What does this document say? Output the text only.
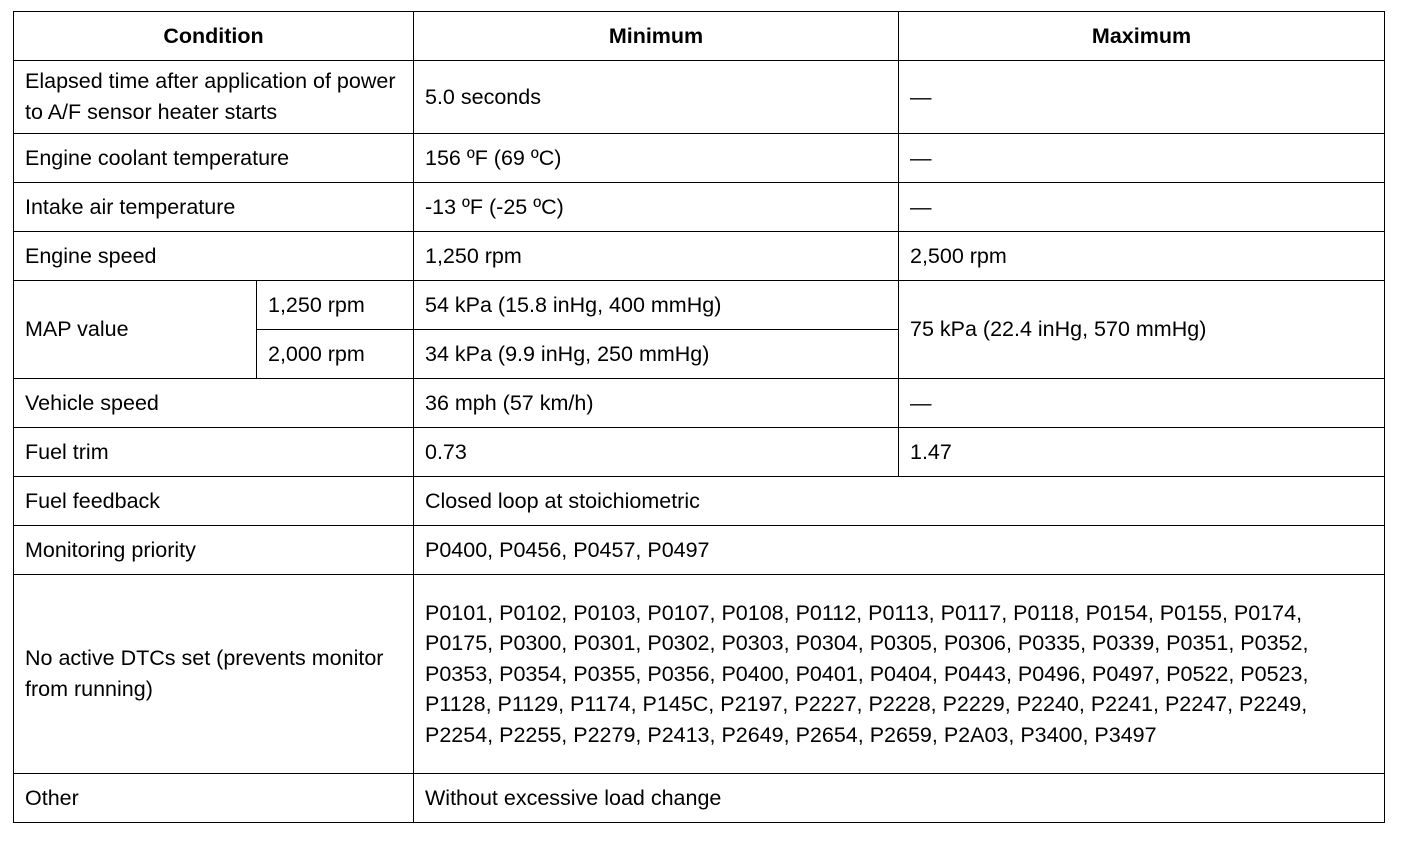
Condition		Minimum	Maximum
Elapsed time after application of power to A/F sensor heater starts		5.0 seconds	—
Engine coolant temperature		156 ºF (69 ºC)	—
Intake air temperature		-13 ºF (-25 ºC)	—
Engine speed		1,250 rpm	2,500 rpm
MAP value	1,250 rpm	54 kPa (15.8 inHg, 400 mmHg)	75 kPa (22.4 inHg, 570 mmHg)
	2,000 rpm	34 kPa (9.9 inHg, 250 mmHg)	
Vehicle speed		36 mph (57 km/h)	—
Fuel trim		0.73	1.47
Fuel feedback		Closed loop at stoichiometric	
Monitoring priority		P0400, P0456, P0457, P0497	
No active DTCs set (prevents monitor from running)		P0101, P0102, P0103, P0107, P0108, P0112, P0113, P0117, P0118, P0154, P0155, P0174, P0175, P0300, P0301, P0302, P0303, P0304, P0305, P0306, P0335, P0339, P0351, P0352, P0353, P0354, P0355, P0356, P0400, P0401, P0404, P0443, P0496, P0497, P0522, P0523, P1128, P1129, P1174, P145C, P2197, P2227, P2228, P2229, P2240, P2241, P2247, P2249, P2254, P2255, P2279, P2413, P2649, P2654, P2659, P2A03, P3400, P3497	
Other		Without excessive load change	
